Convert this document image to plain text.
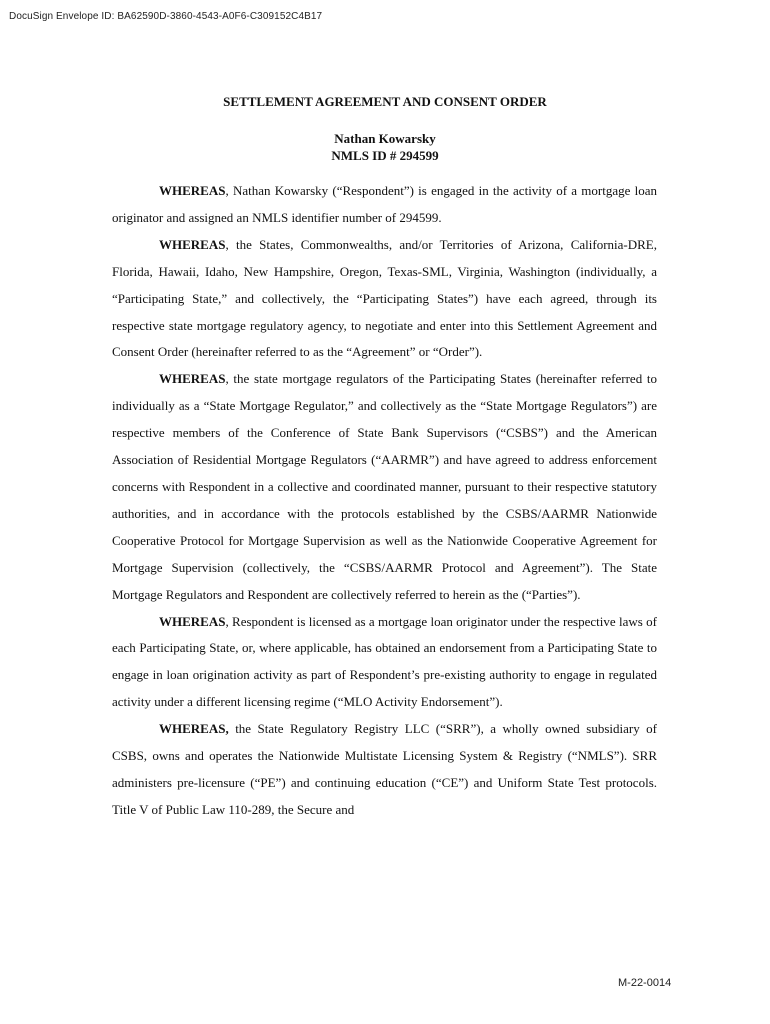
DocuSign Envelope ID: BA62590D-3860-4543-A0F6-C309152C4B17
SETTLEMENT AGREEMENT AND CONSENT ORDER
Nathan Kowarsky
NMLS ID # 294599

WHEREAS, Nathan Kowarsky (“Respondent”) is engaged in the activity of a mortgage loan originator and assigned an NMLS identifier number of 294599.

WHEREAS, the States, Commonwealths, and/or Territories of Arizona, California-DRE, Florida, Hawaii, Idaho, New Hampshire, Oregon, Texas-SML, Virginia, Washington (individually, a “Participating State,” and collectively, the “Participating States”) have each agreed, through its respective state mortgage regulatory agency, to negotiate and enter into this Settlement Agreement and Consent Order (hereinafter referred to as the “Agreement” or “Order”).

WHEREAS, the state mortgage regulators of the Participating States (hereinafter referred to individually as a “State Mortgage Regulator,” and collectively as the “State Mortgage Regulators”) are respective members of the Conference of State Bank Supervisors (“CSBS”) and the American Association of Residential Mortgage Regulators (“AARMR”) and have agreed to address enforcement concerns with Respondent in a collective and coordinated manner, pursuant to their respective statutory authorities, and in accordance with the protocols established by the CSBS/AARMR Nationwide Cooperative Protocol for Mortgage Supervision as well as the Nationwide Cooperative Agreement for Mortgage Supervision (collectively, the “CSBS/AARMR Protocol and Agreement”). The State Mortgage Regulators and Respondent are collectively referred to herein as the (“Parties”).

WHEREAS, Respondent is licensed as a mortgage loan originator under the respective laws of each Participating State, or, where applicable, has obtained an endorsement from a Participating State to engage in loan origination activity as part of Respondent’s pre-existing authority to engage in regulated activity under a different licensing regime (“MLO Activity Endorsement”).

WHEREAS, the State Regulatory Registry LLC (“SRR”), a wholly owned subsidiary of CSBS, owns and operates the Nationwide Multistate Licensing System & Registry (“NMLS”). SRR administers pre-licensure (“PE”) and continuing education (“CE”) and Uniform State Test protocols. Title V of Public Law 110-289, the Secure and

M-22-0014
